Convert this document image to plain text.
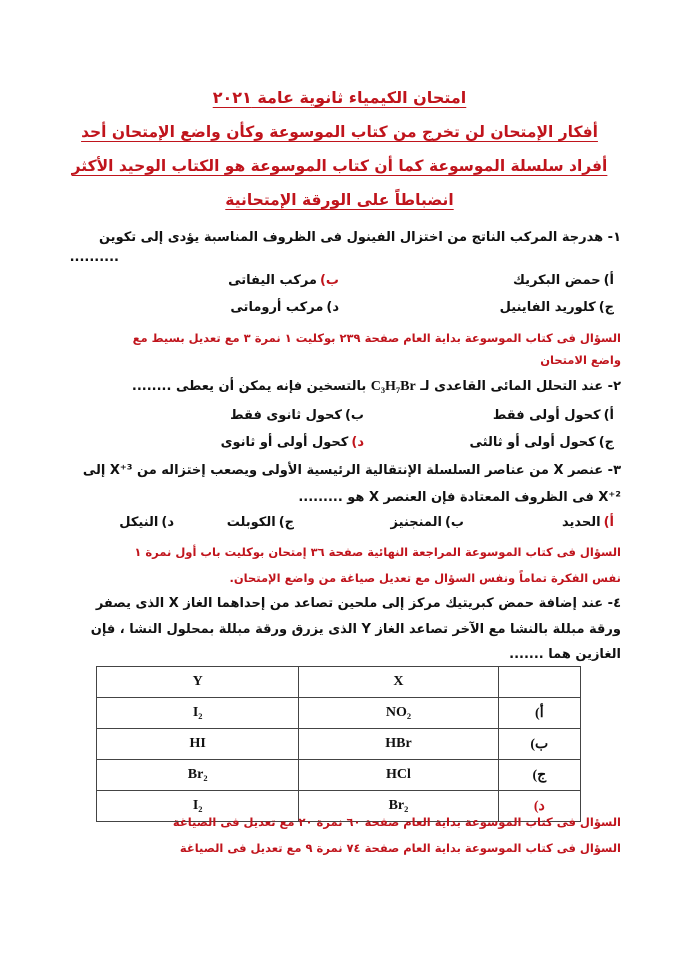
امتحان الكيمياء ثانوية عامة ٢٠٢١
أفكار الإمتحان لن تخرج من كتاب الموسوعة وكأن واضع الإمتحان أحد
أفراد سلسلة الموسوعة كما أن كتاب الموسوعة هو الكتاب الوحيد الأكثر
انضباطاً على الورقة الإمتحانية
١- هدرجة المركب الناتج من اختزال الفينول فى الظروف المناسبة يؤدى إلى تكوين
..........
أ)حمض البكريك
ب)مركب اليفاتى
ج)كلوريد الفاينيل
د)مركب أروماتى
السؤال فى كتاب الموسوعة بداية العام صفحة ٢٣٩ بوكليت ١ نمرة ٣ مع تعديل بسيط مع
واضع الامتحان
٢- عند التحلل المائى القاعدى لـ C₃H₇Br بالتسخين فإنه يمكن أن يعطى ........
أ)كحول أولى فقط
ب)كحول ثانوى فقط
ج)كحول أولى أو ثالثى
د)كحول أولى أو ثانوى
٣- عنصر X من عناصر السلسلة الإنتقالية الرئيسية الأولى ويصعب إختزاله من X⁺³ إلى
X⁺² فى الظروف المعتادة فإن العنصر X هو .........
أ)الحديد
ب)المنجنيز
ج)الكوبلت
د)النيكل
السؤال فى كتاب الموسوعة المراجعة النهائية صفحة ٣٦ إمتحان بوكليت باب أول نمرة ١
نفس الفكرة تماماً ونفس السؤال مع تعديل صياغة من واضع الإمتحان.
٤- عند إضافة حمض كبريتيك مركز إلى ملحين تصاعد من إحداهما الغاز X الذى يصفر
ورقة مبللة بالنشا مع الآخر تصاعد الغاز Y الذى يزرق ورقة مبللة بمحلول النشا ، فإن
الغازين هما .......
	X	Y
أ)	NO₂	I₂
ب)	HBr	HI
ج)	HCl	Br₂
د)	Br₂	I₂
السؤال فى كتاب الموسوعة بداية العام صفحة ٦٠ نمرة ٢٠ مع تعديل فى الصياغة
السؤال فى كتاب الموسوعة بداية العام صفحة ٧٤ نمرة ٩ مع تعديل فى الصياغة
